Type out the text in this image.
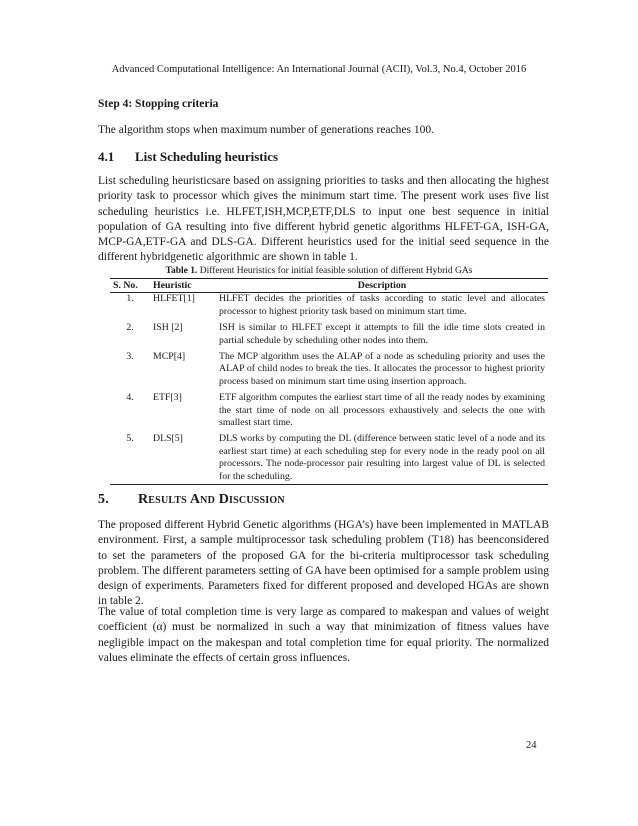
Advanced Computational Intelligence: An International Journal (ACII), Vol.3, No.4, October 2016
Step 4: Stopping criteria
The algorithm stops when maximum number of generations reaches 100.
4.1 List Scheduling heuristics
List scheduling heuristicsare based on assigning priorities to tasks and then allocating the highest priority task to processor which gives the minimum start time. The present work uses five list scheduling heuristics i.e. HLFET,ISH,MCP,ETF,DLS to input one best sequence in initial population of GA resulting into five different hybrid genetic algorithms HLFET-GA, ISH-GA, MCP-GA,ETF-GA and DLS-GA. Different heuristics used for the initial seed sequence in the different hybridgenetic algorithmic are shown in table 1.
Table 1. Different Heuristics for initial feasible solution of different Hybrid GAs
S. No.	Heuristic	Description
1.	HLFET[1]	HLFET decides the priorities of tasks according to static level and allocates processor to highest priority task based on minimum start time.
2.	ISH [2]	ISH is similar to HLFET except it attempts to fill the idle time slots created in partial schedule by scheduling other nodes into them.
3.	MCP[4]	The MCP algorithm uses the ALAP of a node as scheduling priority and uses the ALAP of child nodes to break the ties. It allocates the processor to highest priority process based on minimum start time using insertion approach.
4.	ETF[3]	ETF algorithm computes the earliest start time of all the ready nodes by examining the start time of node on all processors exhaustively and selects the one with smallest start time.
5.	DLS[5]	DLS works by computing the DL (difference between static level of a node and its earliest start time) at each scheduling step for every node in the ready pool on all processors. The node-processor pair resulting into largest value of DL is selected for the scheduling.
5. Results And Discussion
The proposed different Hybrid Genetic algorithms (HGA’s) have been implemented in MATLAB environment. First, a sample multiprocessor task scheduling problem (T18) has beenconsidered to set the parameters of the proposed GA for the bi-criteria multiprocessor task scheduling problem. The different parameters setting of GA have been optimised for a sample problem using design of experiments. Parameters fixed for different proposed and developed HGAs are shown in table 2.
The value of total completion time is very large as compared to makespan and values of weight coefficient (α) must be normalized in such a way that minimization of fitness values have negligible impact on the makespan and total completion time for equal priority. The normalized values eliminate the effects of certain gross influences.
24
